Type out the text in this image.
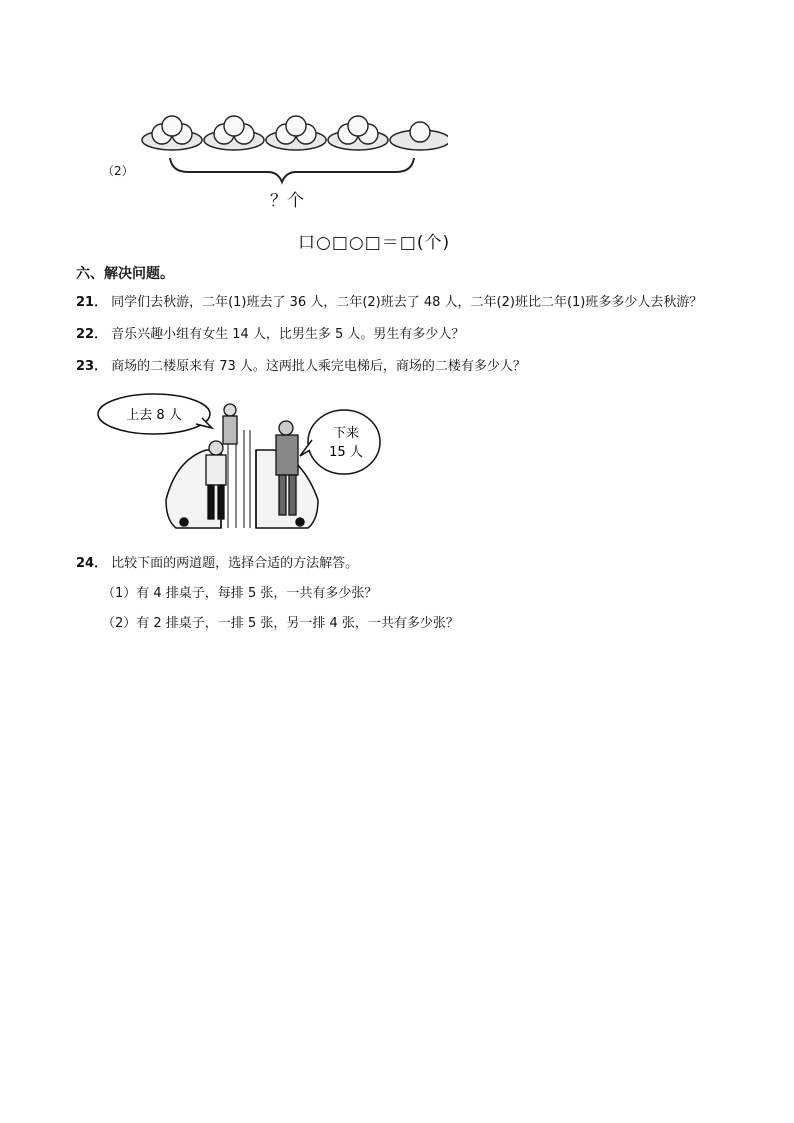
（2）
？个
口○□○□＝□(个)
六、解决问题。
21． 同学们去秋游，二年(1)班去了 36 人，二年(2)班去了 48 人，二年(2)班比二年(1)班多多少人去秋游？
22． 音乐兴趣小组有女生 14 人，比男生多 5 人。男生有多少人？
23． 商场的二楼原来有 73 人。这两批人乘完电梯后，商场的二楼有多少人？
上去 8 人
下来
15 人
24． 比较下面的两道题，选择合适的方法解答。
（1）有 4 排桌子，每排 5 张，一共有多少张？
（2）有 2 排桌子，一排 5 张，另一排 4 张，一共有多少张？
